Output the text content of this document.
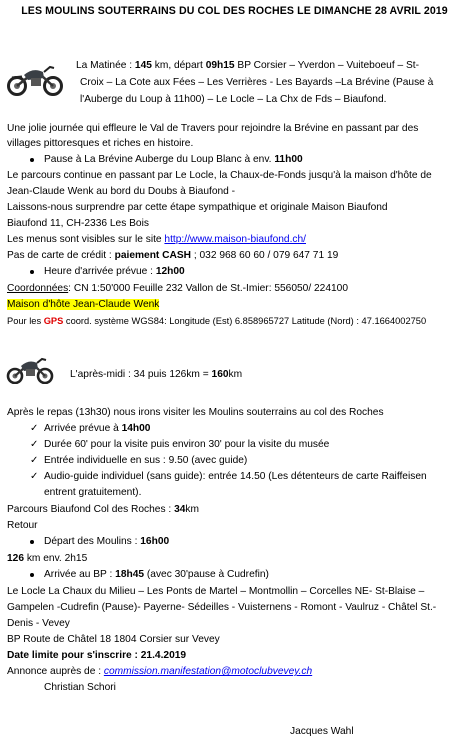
LES MOULINS SOUTERRAINS DU COL DES ROCHES LE DIMANCHE 28 AVRIL 2019
La Matinée : 145 km, départ 09h15 BP Corsier – Yverdon – Vuiteboeuf – St-
Croix – La Cote aux Fées – Les Verrières - Les Bayards –La Brévine (Pause à
l'Auberge du Loup à 11h00) – Le Locle – La Chx de Fds – Biaufond.
Une jolie journée qui effleure le Val de Travers pour rejoindre la Brévine en passant par des
villages pittoresques et riches en histoire.
Pause à La Brévine Auberge du Loup Blanc à env. 11h00
Le parcours continue en passant par Le Locle, la Chaux-de-Fonds jusqu'à la maison d'hôte de
Jean-Claude Wenk au bord du Doubs à Biaufond -
Laissons-nous surprendre par cette étape sympathique et originale Maison Biaufond
Biaufond 11, CH-2336 Les Bois
Les menus sont visibles sur le site http://www.maison-biaufond.ch/
Pas de carte de crédit : paiement CASH ; 032 968 60 60 / 079 647 71 19
Heure d'arrivée prévue : 12h00
Coordonnées: CN 1:50'000 Feuille 232 Vallon de St.-Imier: 556050/ 224100
Maison d'hôte Jean-Claude Wenk
Pour les GPS coord. système WGS84: Longitude (Est) 6.858965727 Latitude (Nord) : 47.1664002750
L'après-midi : 34 puis 126km = 160km
Après le repas (13h30) nous irons visiter les Moulins souterrains au col des Roches
✓ Arrivée prévue à 14h00
✓ Durée 60' pour la visite puis environ 30' pour la visite du musée
✓ Entrée individuelle en sus : 9.50 (avec guide)
✓ Audio-guide individuel (sans guide): entrée 14.50 (Les détenteurs de carte Raiffeisen
entrent gratuitement).
Parcours Biaufond Col des Roches : 34km
Retour
Départ des Moulins : 16h00
126 km env. 2h15
Arrivée au BP : 18h45 (avec 30'pause à Cudrefin)
Le Locle La Chaux du Milieu – Les Ponts de Martel – Montmollin – Corcelles NE- St-Blaise –
Gampelen -Cudrefin (Pause)- Payerne- Sédeilles - Vuisternens - Romont - Vaulruz - Châtel St.-
Denis - Vevey
BP Route de Châtel 18 1804 Corsier sur Vevey
Date limite pour s'inscrire : 21.4.2019
Annonce auprès de : commission.manifestation@motoclubvevey.ch
Christian Schori
Jacques Wahl
